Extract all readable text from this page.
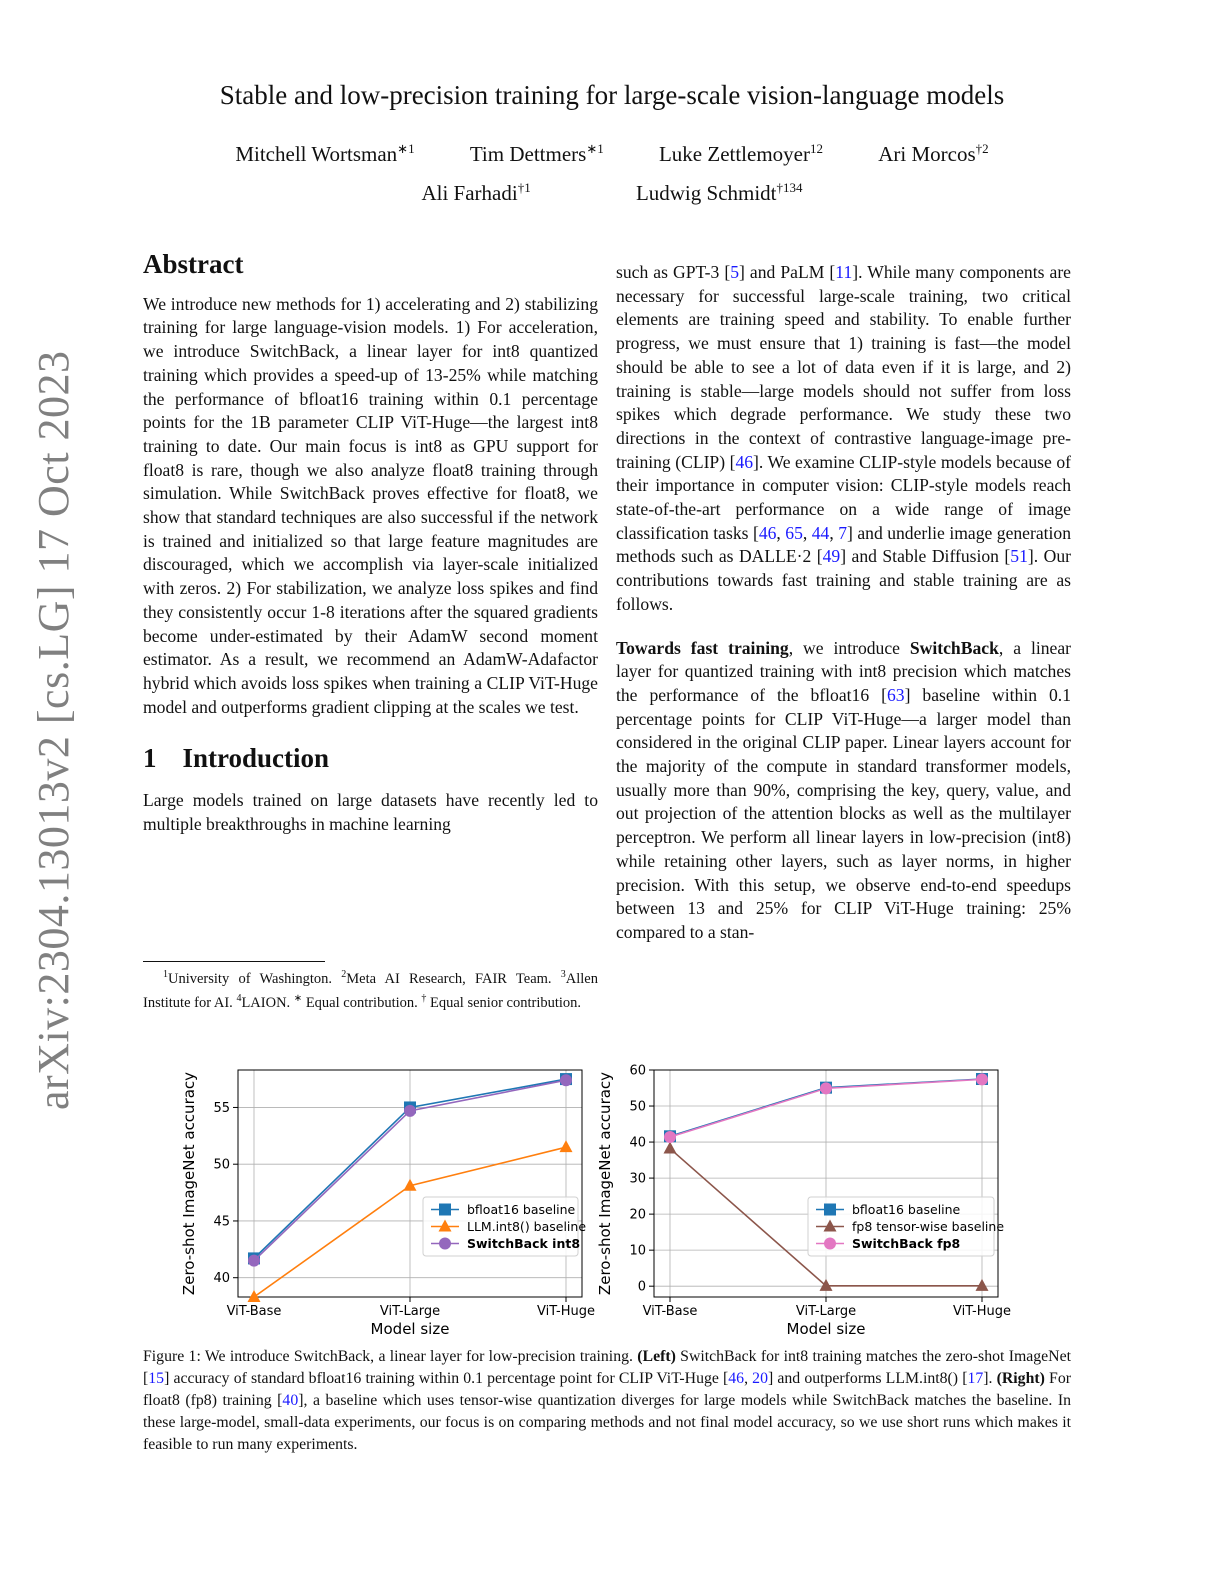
arXiv:2304.13013v2 [cs.LG] 17 Oct 2023
Stable and low-precision training for large-scale vision-language models
Mitchell Wortsman$^{∗1}$	Tim Dettmers$^{∗1}$	Luke Zettlemoyer$^{12}$	Ari Morcos$^{\dagger 2}$
Ali Farhadi$^{\dagger 1}$	Ludwig Schmidt$^{\dagger 134}$
Abstract

We introduce new methods for 1) accelerating and 2) stabilizing training for large language-vision models. 1) For acceleration, we introduce SwitchBack, a linear layer for int8 quantized training which provides a speed-up of 13-25% while matching the performance of bfloat16 training within 0.1 percentage points for the 1B parameter CLIP ViT-Huge—the largest int8 training to date. Our main focus is int8 as GPU support for float8 is rare, though we also analyze float8 training through simulation. While SwitchBack proves effective for float8, we show that standard techniques are also successful if the network is trained and initialized so that large feature magnitudes are discouraged, which we accomplish via layer-scale initialized with zeros. 2) For stabilization, we analyze loss spikes and find they consistently occur 1-8 iterations after the squared gradients become under-estimated by their AdamW second moment estimator. As a result, we recommend an AdamW-Adafactor hybrid which avoids loss spikes when training a CLIP ViT-Huge model and outperforms gradient clipping at the scales we test.

1 Introduction

Large models trained on large datasets have recently led to multiple breakthroughs in machine learning

$^1$University of Washington. $^2$Meta AI Research, FAIR Team. $^3$Allen Institute for AI. $^4$LAION. ∗ Equal contribution. † Equal senior contribution.

such as GPT-3 [5] and PaLM [11]. While many components are necessary for successful large-scale training, two critical elements are training speed and stability. To enable further progress, we must ensure that 1) training is fast—the model should be able to see a lot of data even if it is large, and 2) training is stable—large models should not suffer from loss spikes which degrade performance. We study these two directions in the context of contrastive language-image pre-training (CLIP) [46]. We examine CLIP-style models because of their importance in computer vision: CLIP-style models reach state-of-the-art performance on a wide range of image classification tasks [46, 65, 44, 7] and underlie image generation methods such as DALLE·2 [49] and Stable Diffusion [51]. Our contributions towards fast training and stable training are as follows.

Towards fast training, we introduce SwitchBack, a linear layer for quantized training with int8 precision which matches the performance of the bfloat16 [63] baseline within 0.1 percentage points for CLIP ViT-Huge—a larger model than considered in the original CLIP paper. Linear layers account for the majority of the compute in standard transformer models, usually more than 90%, comprising the key, query, value, and out projection of the attention blocks as well as the multilayer perceptron. We perform all linear layers in low-precision (int8) while retaining other layers, such as layer norms, in higher precision. With this setup, we observe end-to-end speedups between 13 and 25% for CLIP ViT-Huge training: 25% compared to a stan-

40
45
50
55
ViT-Base	ViT-Large	ViT-Huge
Model size
Zero-shot ImageNet accuracy	bfloat16 baseline
LLM.int8() baseline
SwitchBack int8
0
10
20
30
40
50
60
ViT-Base	ViT-Large	ViT-Huge
Model size
Zero-shot ImageNet accuracy	bfloat16 baseline
fp8 tensor-wise baseline
SwitchBack fp8
Figure 1: We introduce SwitchBack, a linear layer for low-precision training. (Left) SwitchBack for int8 training matches the zero-shot ImageNet [15] accuracy of standard bfloat16 training within 0.1 percentage point for CLIP ViT-Huge [46, 20] and outperforms LLM.int8() [17]. (Right) For float8 (fp8) training [40], a baseline which uses tensor-wise quantization diverges for large models while SwitchBack matches the baseline. In these large-model, small-data experiments, our focus is on comparing methods and not final model accuracy, so we use short runs which makes it feasible to run many experiments.
